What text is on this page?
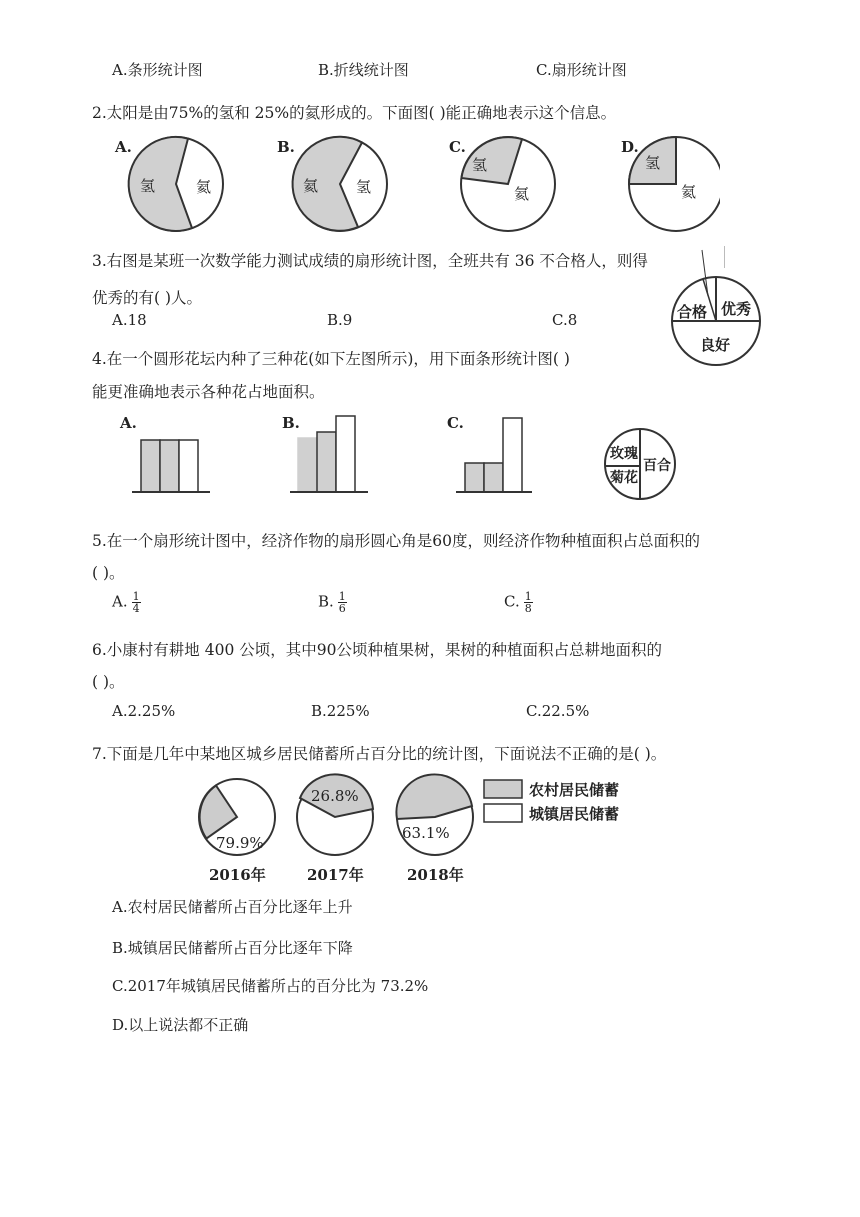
A.条形统计图	B.折线统计图	C.扇形统计图
2.太阳是由75%的氢和 25%的氦形成的。下面图( )能正确地表示这个信息。
A.
氢	氦
B.
氦	氢
C.
氢
氦
D.
氢
氦
3.右图是某班一次数学能力测试成绩的扇形统计图，全班共有 36 不合格人，则得
优秀的有( )人。
A.18	B.9	C.8	合格 优秀
良好
4.在一个圆形花坛内种了三种花(如下左图所示)，用下面条形统计图( )
能更准确地表示各种花占地面积。
A.	B.	C.
玫瑰
菊花
百合
5.在一个扇形统计图中，经济作物的扇形圆心角是60度，则经济作物种植面积占总面积的
( )。
A. $\frac{1}{4}$	B. $\frac{1}{6}$	C. $\frac{1}{8}$
6.小康村有耕地 400 公顷，其中90公顷种植果树，果树的种植面积占总耕地面积的
( )。
A.2.25%	B.225%	C.22.5%
7.下面是几年中某地区城乡居民储蓄所占百分比的统计图，下面说法不正确的是( )。
79.9%
2016年
26.8%
2017年
63.1%
2018年
农村居民储蓄
城镇居民储蓄
A.农村居民储蓄所占百分比逐年上升
B.城镇居民储蓄所占百分比逐年下降
C.2017年城镇居民储蓄所占的百分比为 73.2%
D.以上说法都不正确
